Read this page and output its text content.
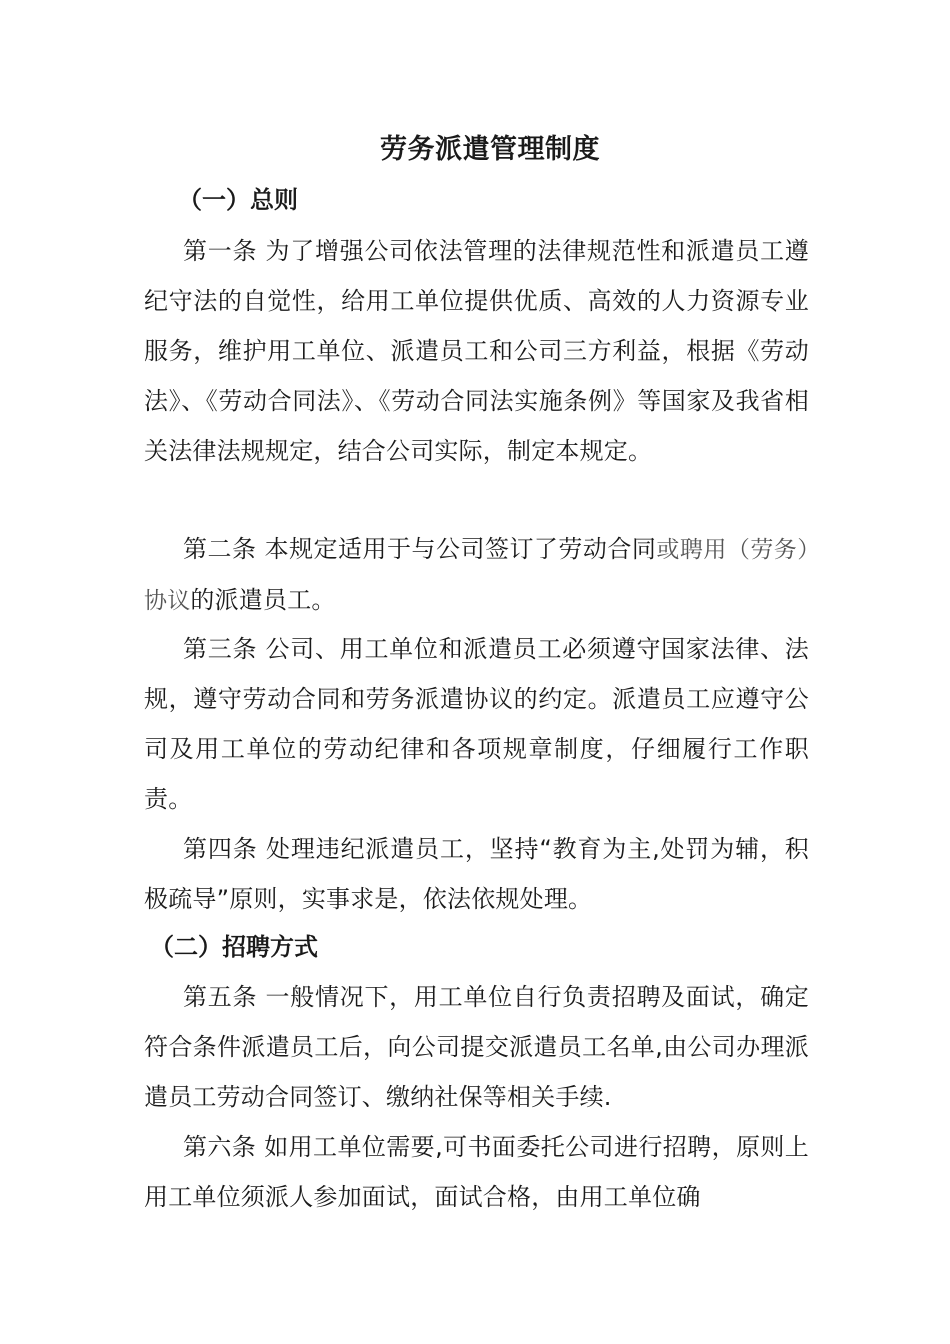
劳务派遣管理制度
（一）总则
第一条 为了增强公司依法管理的法律规范性和派遣员工遵纪守法的自觉性，给用工单位提供优质、高效的人力资源专业服务，维护用工单位、派遣员工和公司三方利益，根据《劳动法》、《劳动合同法》、《劳动合同法实施条例》等国家及我省相关法律法规规定，结合公司实际，制定本规定。
第二条 本规定适用于与公司签订了劳动合同或聘用（劳务）协议的派遣员工。
第三条 公司、用工单位和派遣员工必须遵守国家法律、法规，遵守劳动合同和劳务派遣协议的约定。派遣员工应遵守公司及用工单位的劳动纪律和各项规章制度，仔细履行工作职责。
第四条 处理违纪派遣员工，坚持“教育为主,处罚为辅，积极疏导”原则，实事求是，依法依规处理。
（二）招聘方式
第五条 一般情况下，用工单位自行负责招聘及面试，确定符合条件派遣员工后，向公司提交派遣员工名单,由公司办理派遣员工劳动合同签订、缴纳社保等相关手续.
第六条 如用工单位需要,可书面委托公司进行招聘，原则上用工单位须派人参加面试，面试合格，由用工单位确
